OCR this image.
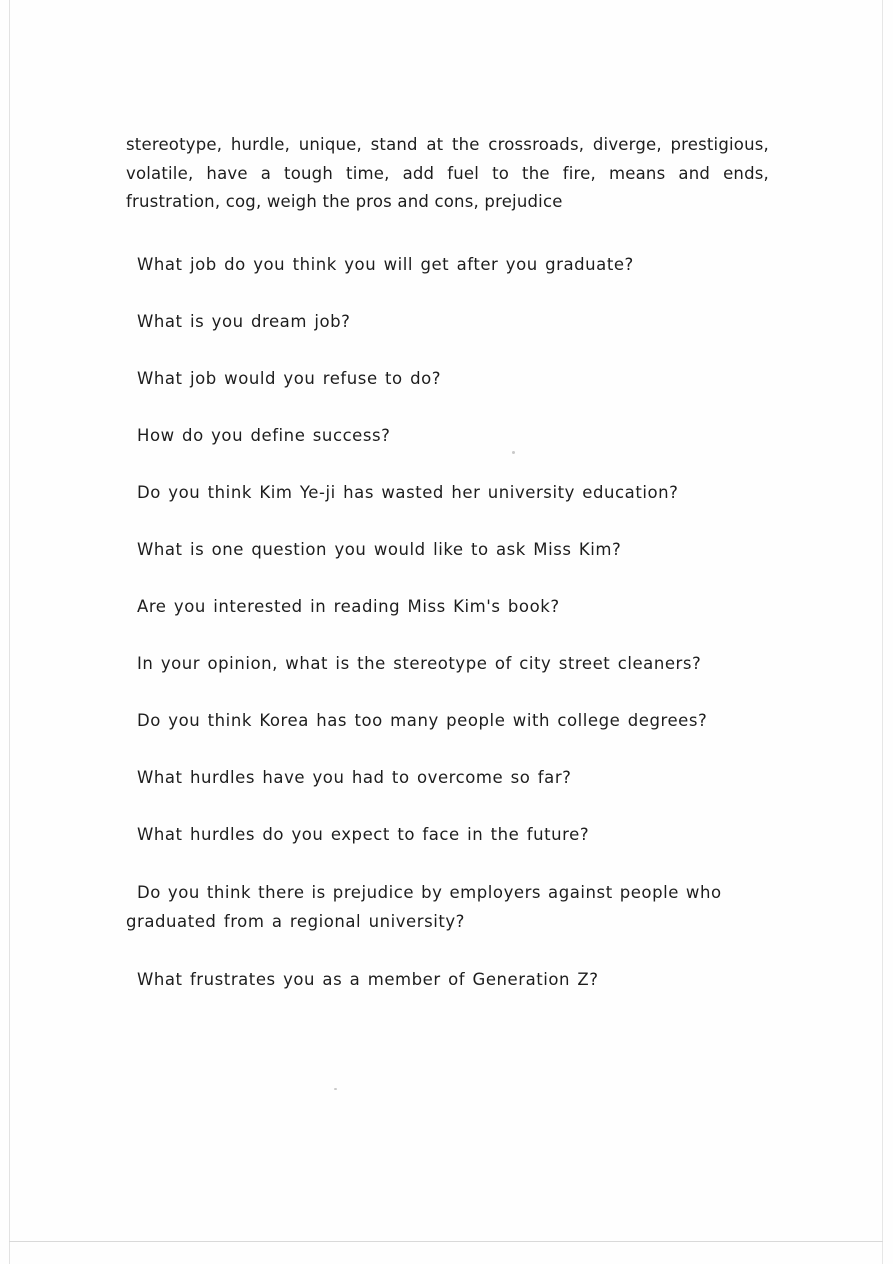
stereotype, hurdle, unique, stand at the crossroads, diverge, prestigious, volatile, have a tough time, add fuel to the fire, means and ends, frustration, cog, weigh the pros and cons, prejudice

What job do you think you will get after you graduate?

What is you dream job?

What job would you refuse to do?

How do you define success?

Do you think Kim Ye-ji has wasted her university education?

What is one question you would like to ask Miss Kim?

Are you interested in reading Miss Kim's book?

In your opinion, what is the stereotype of city street cleaners?

Do you think Korea has too many people with college degrees?

What hurdles have you had to overcome so far?

What hurdles do you expect to face in the future?

Do you think there is prejudice by employers against people who
graduated from a regional university?

What frustrates you as a member of Generation Z?
